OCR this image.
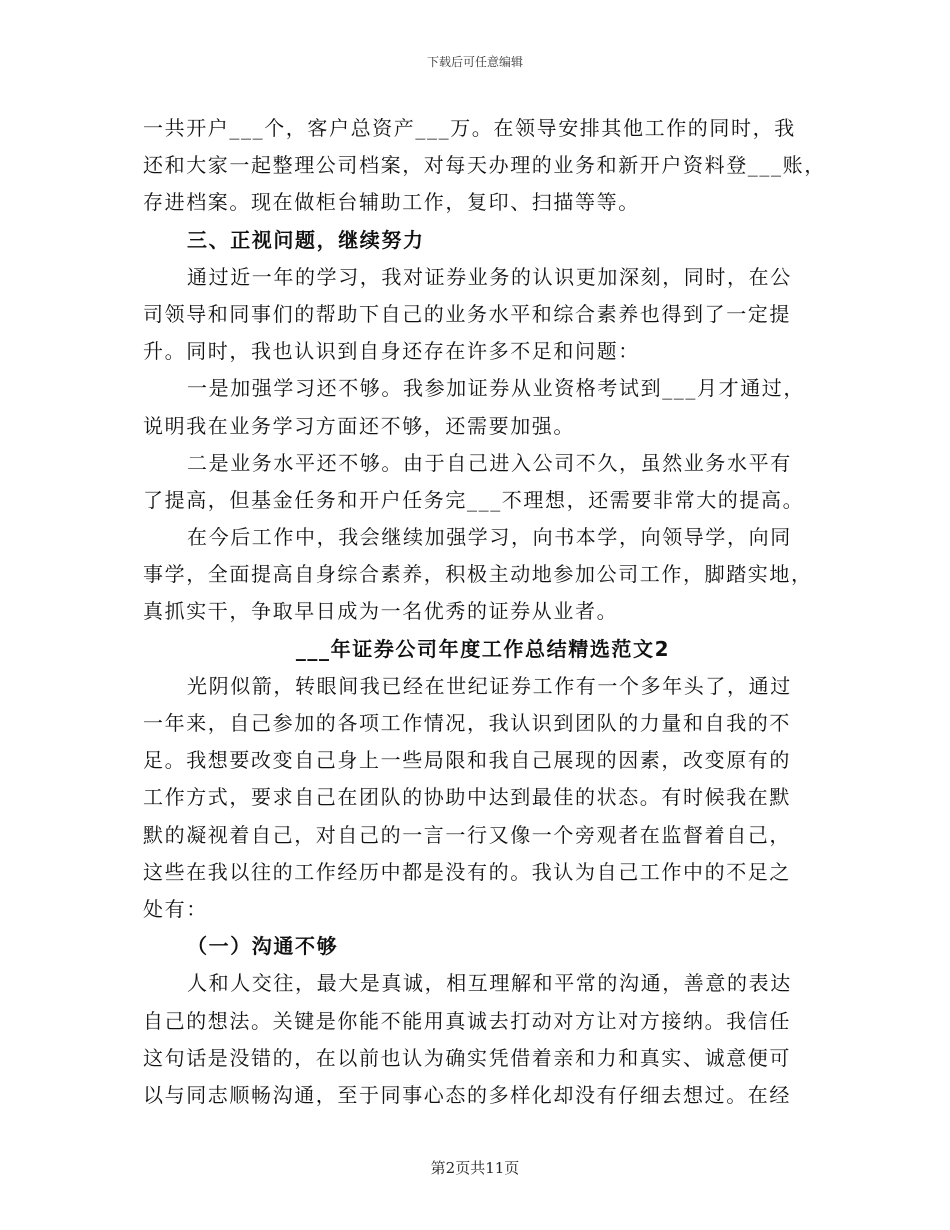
下载后可任意编辑
一共开户___个，客户总资产___万。在领导安排其他工作的同时，我
还和大家一起整理公司档案，对每天办理的业务和新开户资料登___账，
存进档案。现在做柜台辅助工作，复印、扫描等等。
三、正视问题，继续努力
通过近一年的学习，我对证券业务的认识更加深刻，同时，在公
司领导和同事们的帮助下自己的业务水平和综合素养也得到了一定提
升。同时，我也认识到自身还存在许多不足和问题：
一是加强学习还不够。我参加证券从业资格考试到___月才通过，
说明我在业务学习方面还不够，还需要加强。
二是业务水平还不够。由于自己进入公司不久，虽然业务水平有
了提高，但基金任务和开户任务完___不理想，还需要非常大的提高。
在今后工作中，我会继续加强学习，向书本学，向领导学，向同
事学，全面提高自身综合素养，积极主动地参加公司工作，脚踏实地，
真抓实干，争取早日成为一名优秀的证券从业者。
___年证券公司年度工作总结精选范文2
光阴似箭，转眼间我已经在世纪证券工作有一个多年头了，通过
一年来，自己参加的各项工作情况，我认识到团队的力量和自我的不
足。我想要改变自己身上一些局限和我自己展现的因素，改变原有的
工作方式，要求自己在团队的协助中达到最佳的状态。有时候我在默
默的凝视着自己，对自己的一言一行又像一个旁观者在监督着自己，
这些在我以往的工作经历中都是没有的。我认为自己工作中的不足之
处有：
（一）沟通不够
人和人交往，最大是真诚，相互理解和平常的沟通，善意的表达
自己的想法。关键是你能不能用真诚去打动对方让对方接纳。我信任
这句话是没错的，在以前也认为确实凭借着亲和力和真实、诚意便可
以与同志顺畅沟通，至于同事心态的多样化却没有仔细去想过。在经
第2页共11页
